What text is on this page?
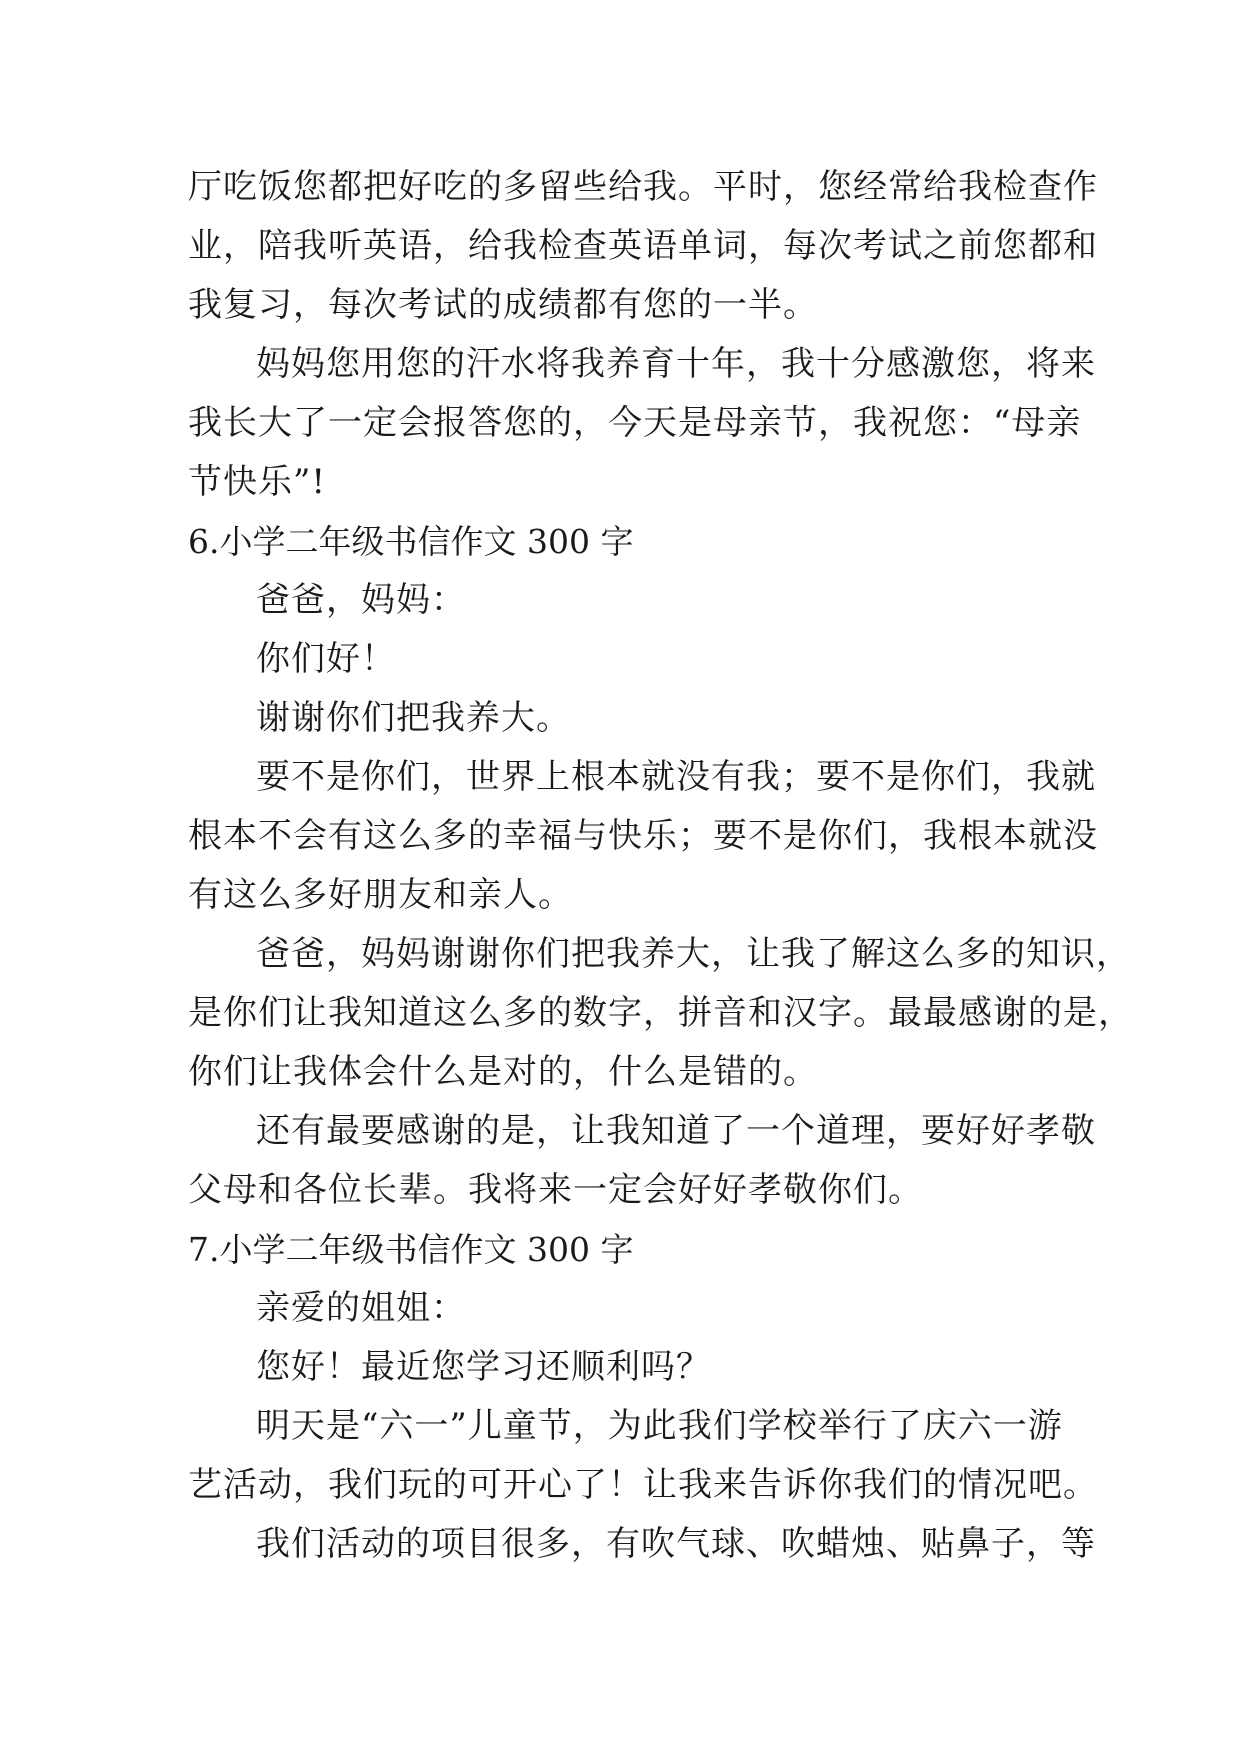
厅吃饭您都把好吃的多留些给我。平时，您经常给我检查作
业，陪我听英语，给我检查英语单词，每次考试之前您都和
我复习，每次考试的成绩都有您的一半。
妈妈您用您的汗水将我养育十年，我十分感激您，将来
我长大了一定会报答您的，今天是母亲节，我祝您：“母亲
节快乐”!
6.小学二年级书信作文 300 字
爸爸，妈妈：
你们好！
谢谢你们把我养大。
要不是你们，世界上根本就没有我；要不是你们，我就
根本不会有这么多的幸福与快乐；要不是你们，我根本就没
有这么多好朋友和亲人。
爸爸，妈妈谢谢你们把我养大，让我了解这么多的知识，
是你们让我知道这么多的数字，拼音和汉字。最最感谢的是，
你们让我体会什么是对的，什么是错的。
还有最要感谢的是，让我知道了一个道理，要好好孝敬
父母和各位长辈。我将来一定会好好孝敬你们。
7.小学二年级书信作文 300 字
亲爱的姐姐：
您好！最近您学习还顺利吗？
明天是“六一”儿童节，为此我们学校举行了庆六一游
艺活动，我们玩的可开心了！让我来告诉你我们的情况吧。
我们活动的项目很多，有吹气球、吹蜡烛、贴鼻子，等
